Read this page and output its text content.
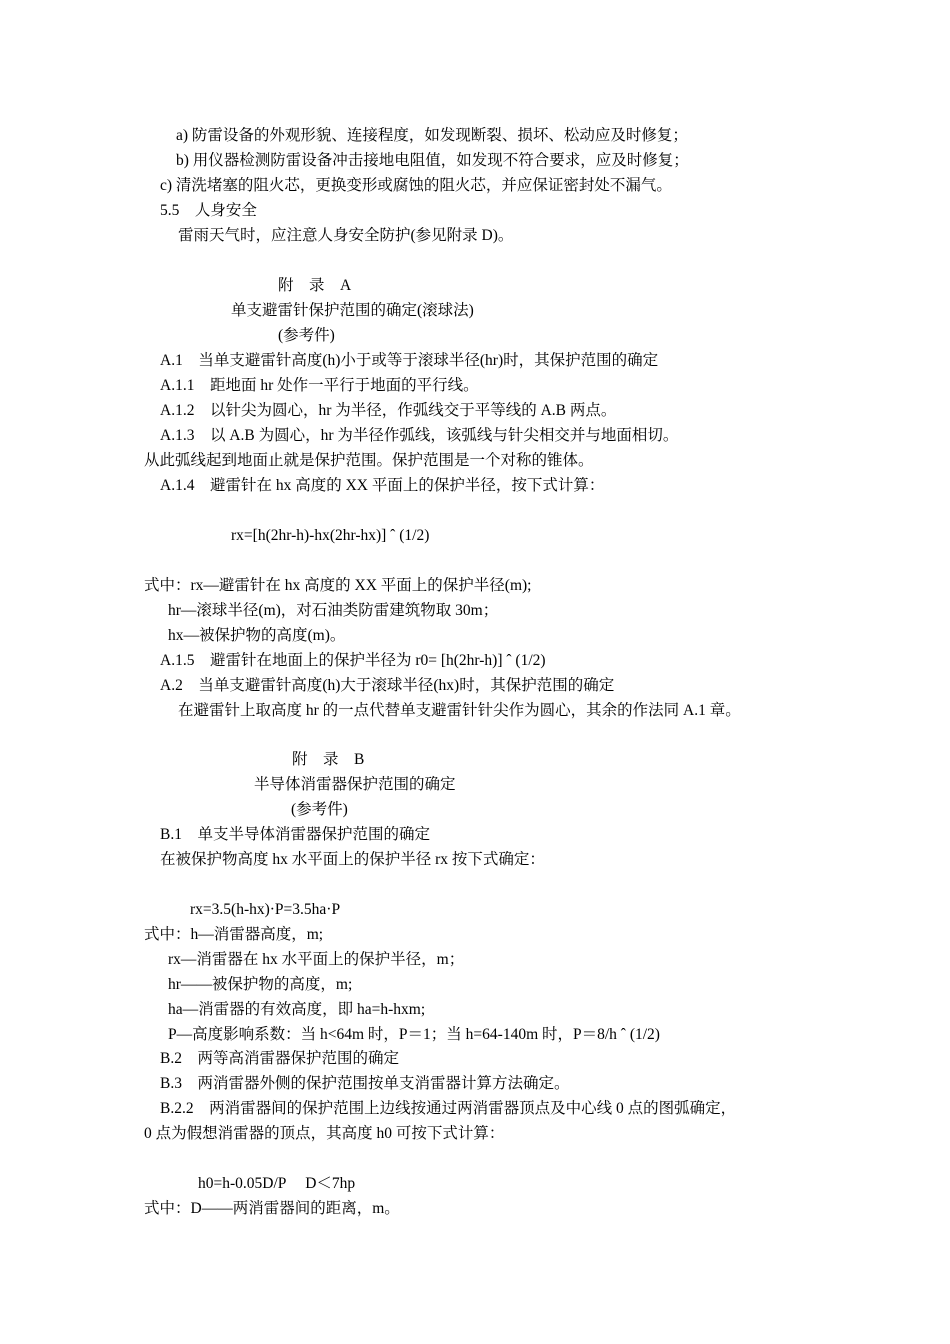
a) 防雷设备的外观形貌、连接程度，如发现断裂、损坏、松动应及时修复；

b) 用仪器检测防雷设备冲击接地电阻值，如发现不符合要求，应及时修复；

c) 清洗堵塞的阻火芯，更换变形或腐蚀的阻火芯，并应保证密封处不漏气。

5.5　人身安全

雷雨天气时，应注意人身安全防护(参见附录 D)。

附　录　A

单支避雷针保护范围的确定(滚球法)

(参考件)

A.1　当单支避雷针高度(h)小于或等于滚球半径(hr)时，其保护范围的确定

A.1.1　距地面 hr 处作一平行于地面的平行线。

A.1.2　以针尖为圆心，hr 为半径，作弧线交于平等线的 A.B 两点。

A.1.3　以 A.B 为圆心，hr 为半径作弧线，该弧线与针尖相交并与地面相切。

从此弧线起到地面止就是保护范围。保护范围是一个对称的锥体。

A.1.4　避雷针在 hx 高度的 XX 平面上的保护半径，按下式计算：

rx=[h(2hr-h)-hx(2hr-hx)] ˆ (1/2)

式中：rx—避雷针在 hx 高度的 XX 平面上的保护半径(m);

hr—滚球半径(m)，对石油类防雷建筑物取 30m；

hx—被保护物的高度(m)。

A.1.5　避雷针在地面上的保护半径为 r0= [h(2hr-h)] ˆ (1/2)

A.2　当单支避雷针高度(h)大于滚球半径(hx)时，其保护范围的确定

在避雷针上取高度 hr 的一点代替单支避雷针针尖作为圆心，其余的作法同 A.1 章。

附　录　B

半导体消雷器保护范围的确定

(参考件)

B.1　单支半导体消雷器保护范围的确定

在被保护物高度 hx 水平面上的保护半径 rx 按下式确定：

rx=3.5(h-hx)·P=3.5ha·P

式中：h—消雷器高度，m;

rx—消雷器在 hx 水平面上的保护半径，m；

hr——被保护物的高度，m;

ha—消雷器的有效高度，即 ha=h-hxm;

P—高度影响系数：当 h<64m 时，P＝1；当 h=64-140m 时，P＝8/h ˆ (1/2)

B.2　两等高消雷器保护范围的确定

B.3　两消雷器外侧的保护范围按单支消雷器计算方法确定。

B.2.2　两消雷器间的保护范围上边线按通过两消雷器顶点及中心线 0 点的图弧确定，

0 点为假想消雷器的顶点，其高度 h0 可按下式计算：

h0=h-0.05D/P　 D＜7hp

式中：D——两消雷器间的距离，m。
